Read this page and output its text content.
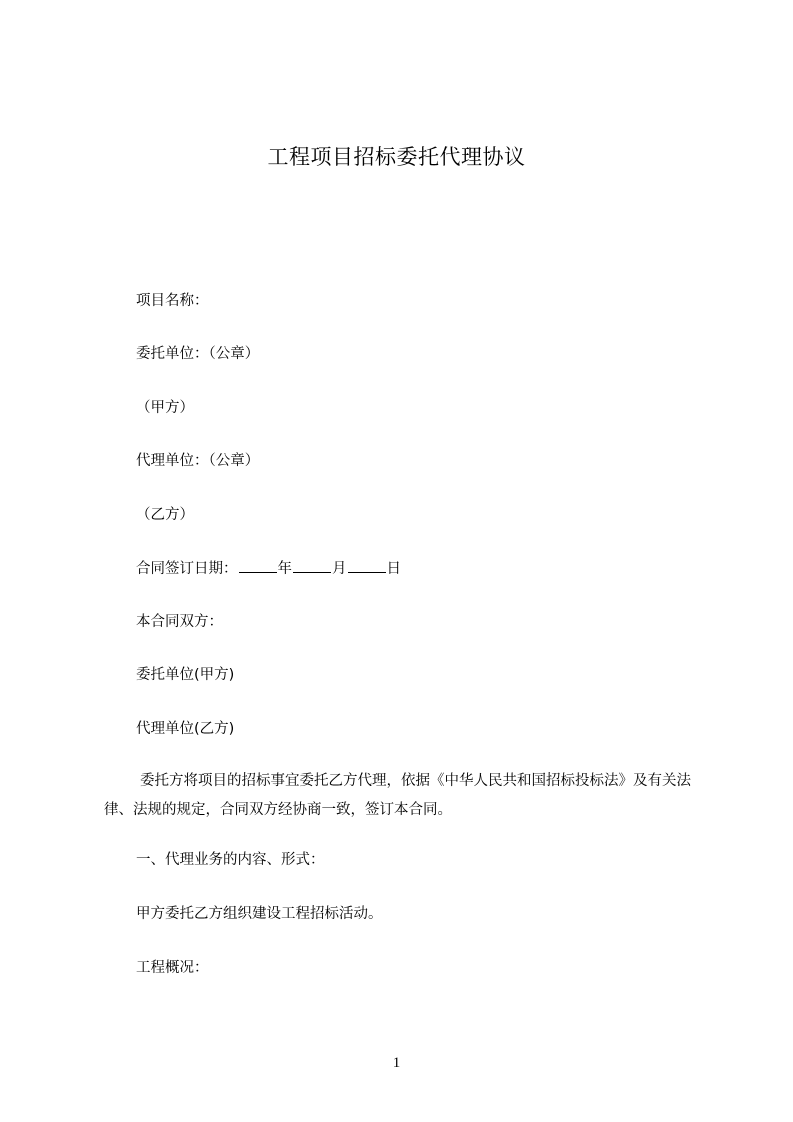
工程项目招标委托代理协议
项目名称：
委托单位：（公章）
（甲方）
代理单位：（公章）
（乙方）
合同签订日期：	年	月	日
本合同双方：
委托单位(甲方)
代理单位(乙方)
委托方将项目的招标事宜委托乙方代理，依据《中华人民共和国招标投标法》及有关法律、法规的规定，合同双方经协商一致，签订本合同。
一、代理业务的内容、形式：
甲方委托乙方组织建设工程招标活动。
工程概况：
1
